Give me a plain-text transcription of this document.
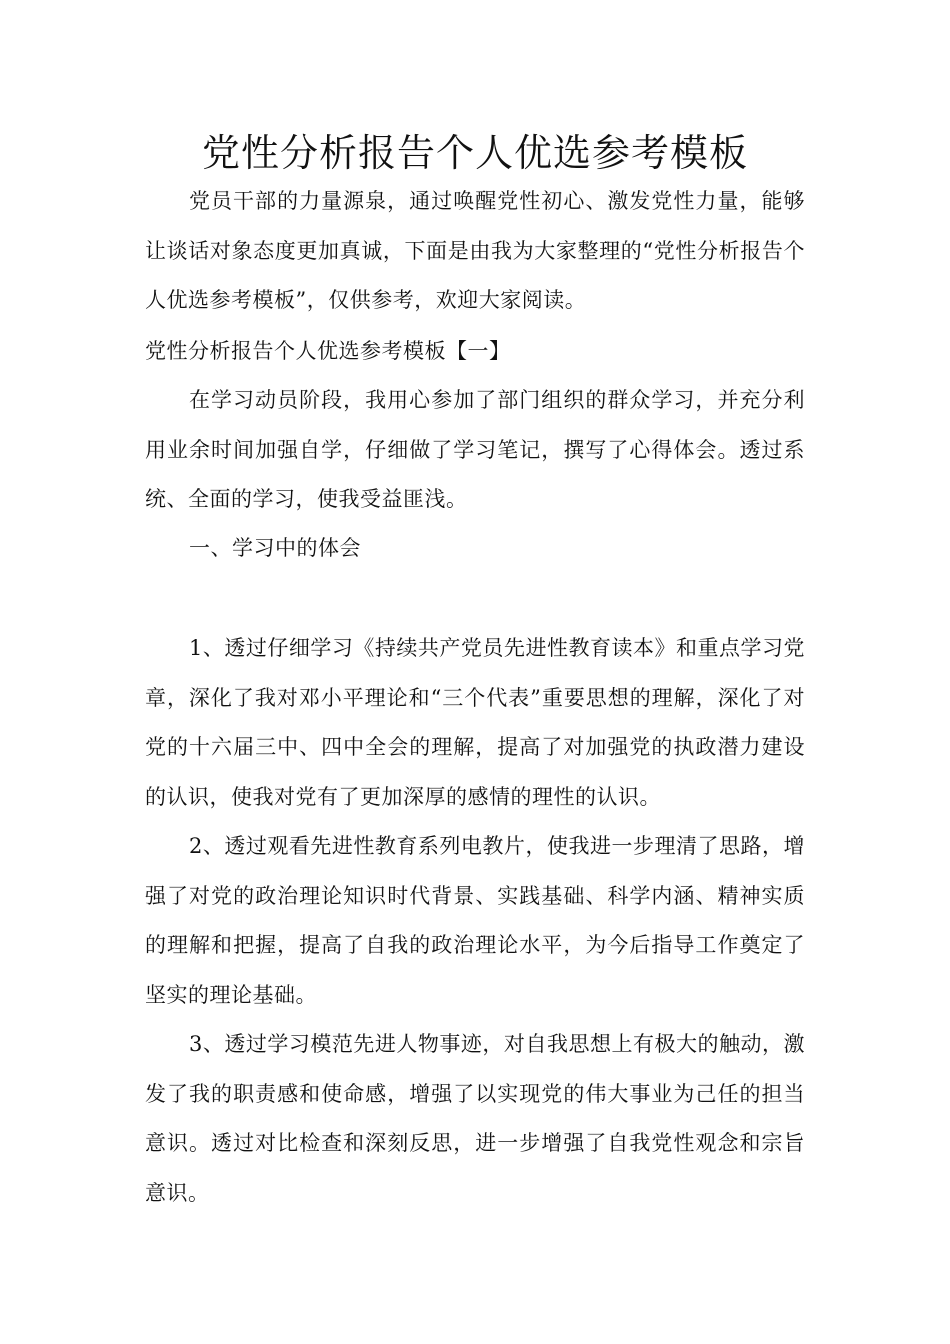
党性分析报告个人优选参考模板

党员干部的力量源泉，通过唤醒党性初心、激发党性力量，能够让谈话对象态度更加真诚，下面是由我为大家整理的“党性分析报告个人优选参考模板”，仅供参考，欢迎大家阅读。

党性分析报告个人优选参考模板【一】

在学习动员阶段，我用心参加了部门组织的群众学习，并充分利用业余时间加强自学，仔细做了学习笔记，撰写了心得体会。透过系统、全面的学习，使我受益匪浅。

一、学习中的体会

1、透过仔细学习《持续共产党员先进性教育读本》和重点学习党章，深化了我对邓小平理论和“三个代表”重要思想的理解，深化了对党的十六届三中、四中全会的理解，提高了对加强党的执政潜力建设的认识，使我对党有了更加深厚的感情的理性的认识。

2、透过观看先进性教育系列电教片，使我进一步理清了思路，增强了对党的政治理论知识时代背景、实践基础、科学内涵、精神实质的理解和把握，提高了自我的政治理论水平，为今后指导工作奠定了坚实的理论基础。

3、透过学习模范先进人物事迹，对自我思想上有极大的触动，激发了我的职责感和使命感，增强了以实现党的伟大事业为己任的担当意识。透过对比检查和深刻反思，进一步增强了自我党性观念和宗旨意识。
